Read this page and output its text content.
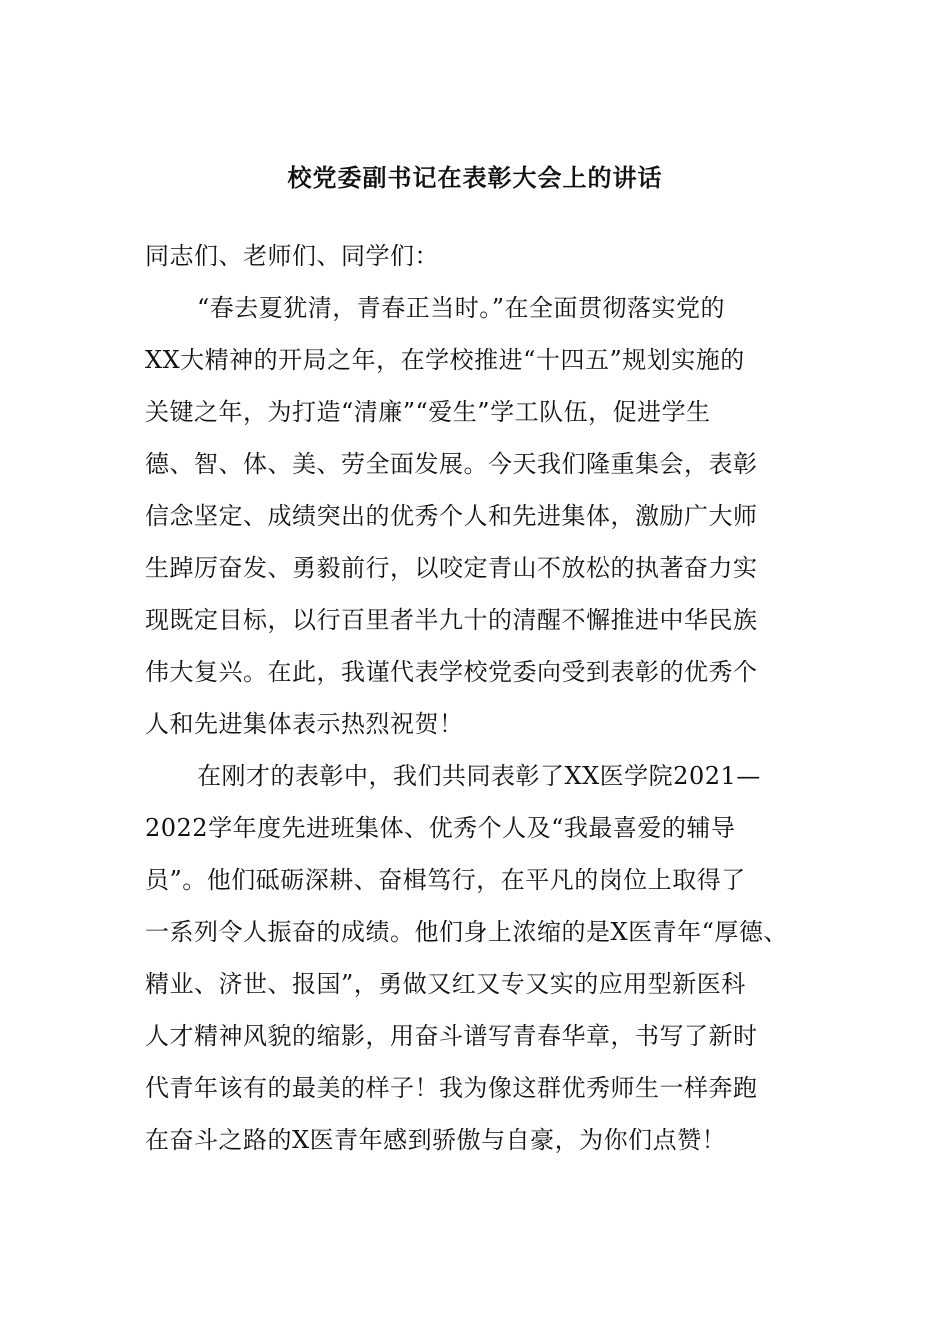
校党委副书记在表彰大会上的讲话
同志们、老师们、同学们：
“春去夏犹清，青春正当时。”在全面贯彻落实党的
XX大精神的开局之年，在学校推进“十四五”规划实施的
关键之年，为打造“清廉”“爱生”学工队伍，促进学生
德、智、体、美、劳全面发展。今天我们隆重集会，表彰
信念坚定、成绩突出的优秀个人和先进集体，激励广大师
生踔厉奋发、勇毅前行，以咬定青山不放松的执著奋力实
现既定目标，以行百里者半九十的清醒不懈推进中华民族
伟大复兴。在此，我谨代表学校党委向受到表彰的优秀个
人和先进集体表示热烈祝贺！
在刚才的表彰中，我们共同表彰了XX医学院2021—
2022学年度先进班集体、优秀个人及“我最喜爱的辅导
员”。他们砥砺深耕、奋楫笃行，在平凡的岗位上取得了
一系列令人振奋的成绩。他们身上浓缩的是X医青年“厚德、
精业、济世、报国”，勇做又红又专又实的应用型新医科
人才精神风貌的缩影，用奋斗谱写青春华章，书写了新时
代青年该有的最美的样子！我为像这群优秀师生一样奔跑
在奋斗之路的X医青年感到骄傲与自豪，为你们点赞！
